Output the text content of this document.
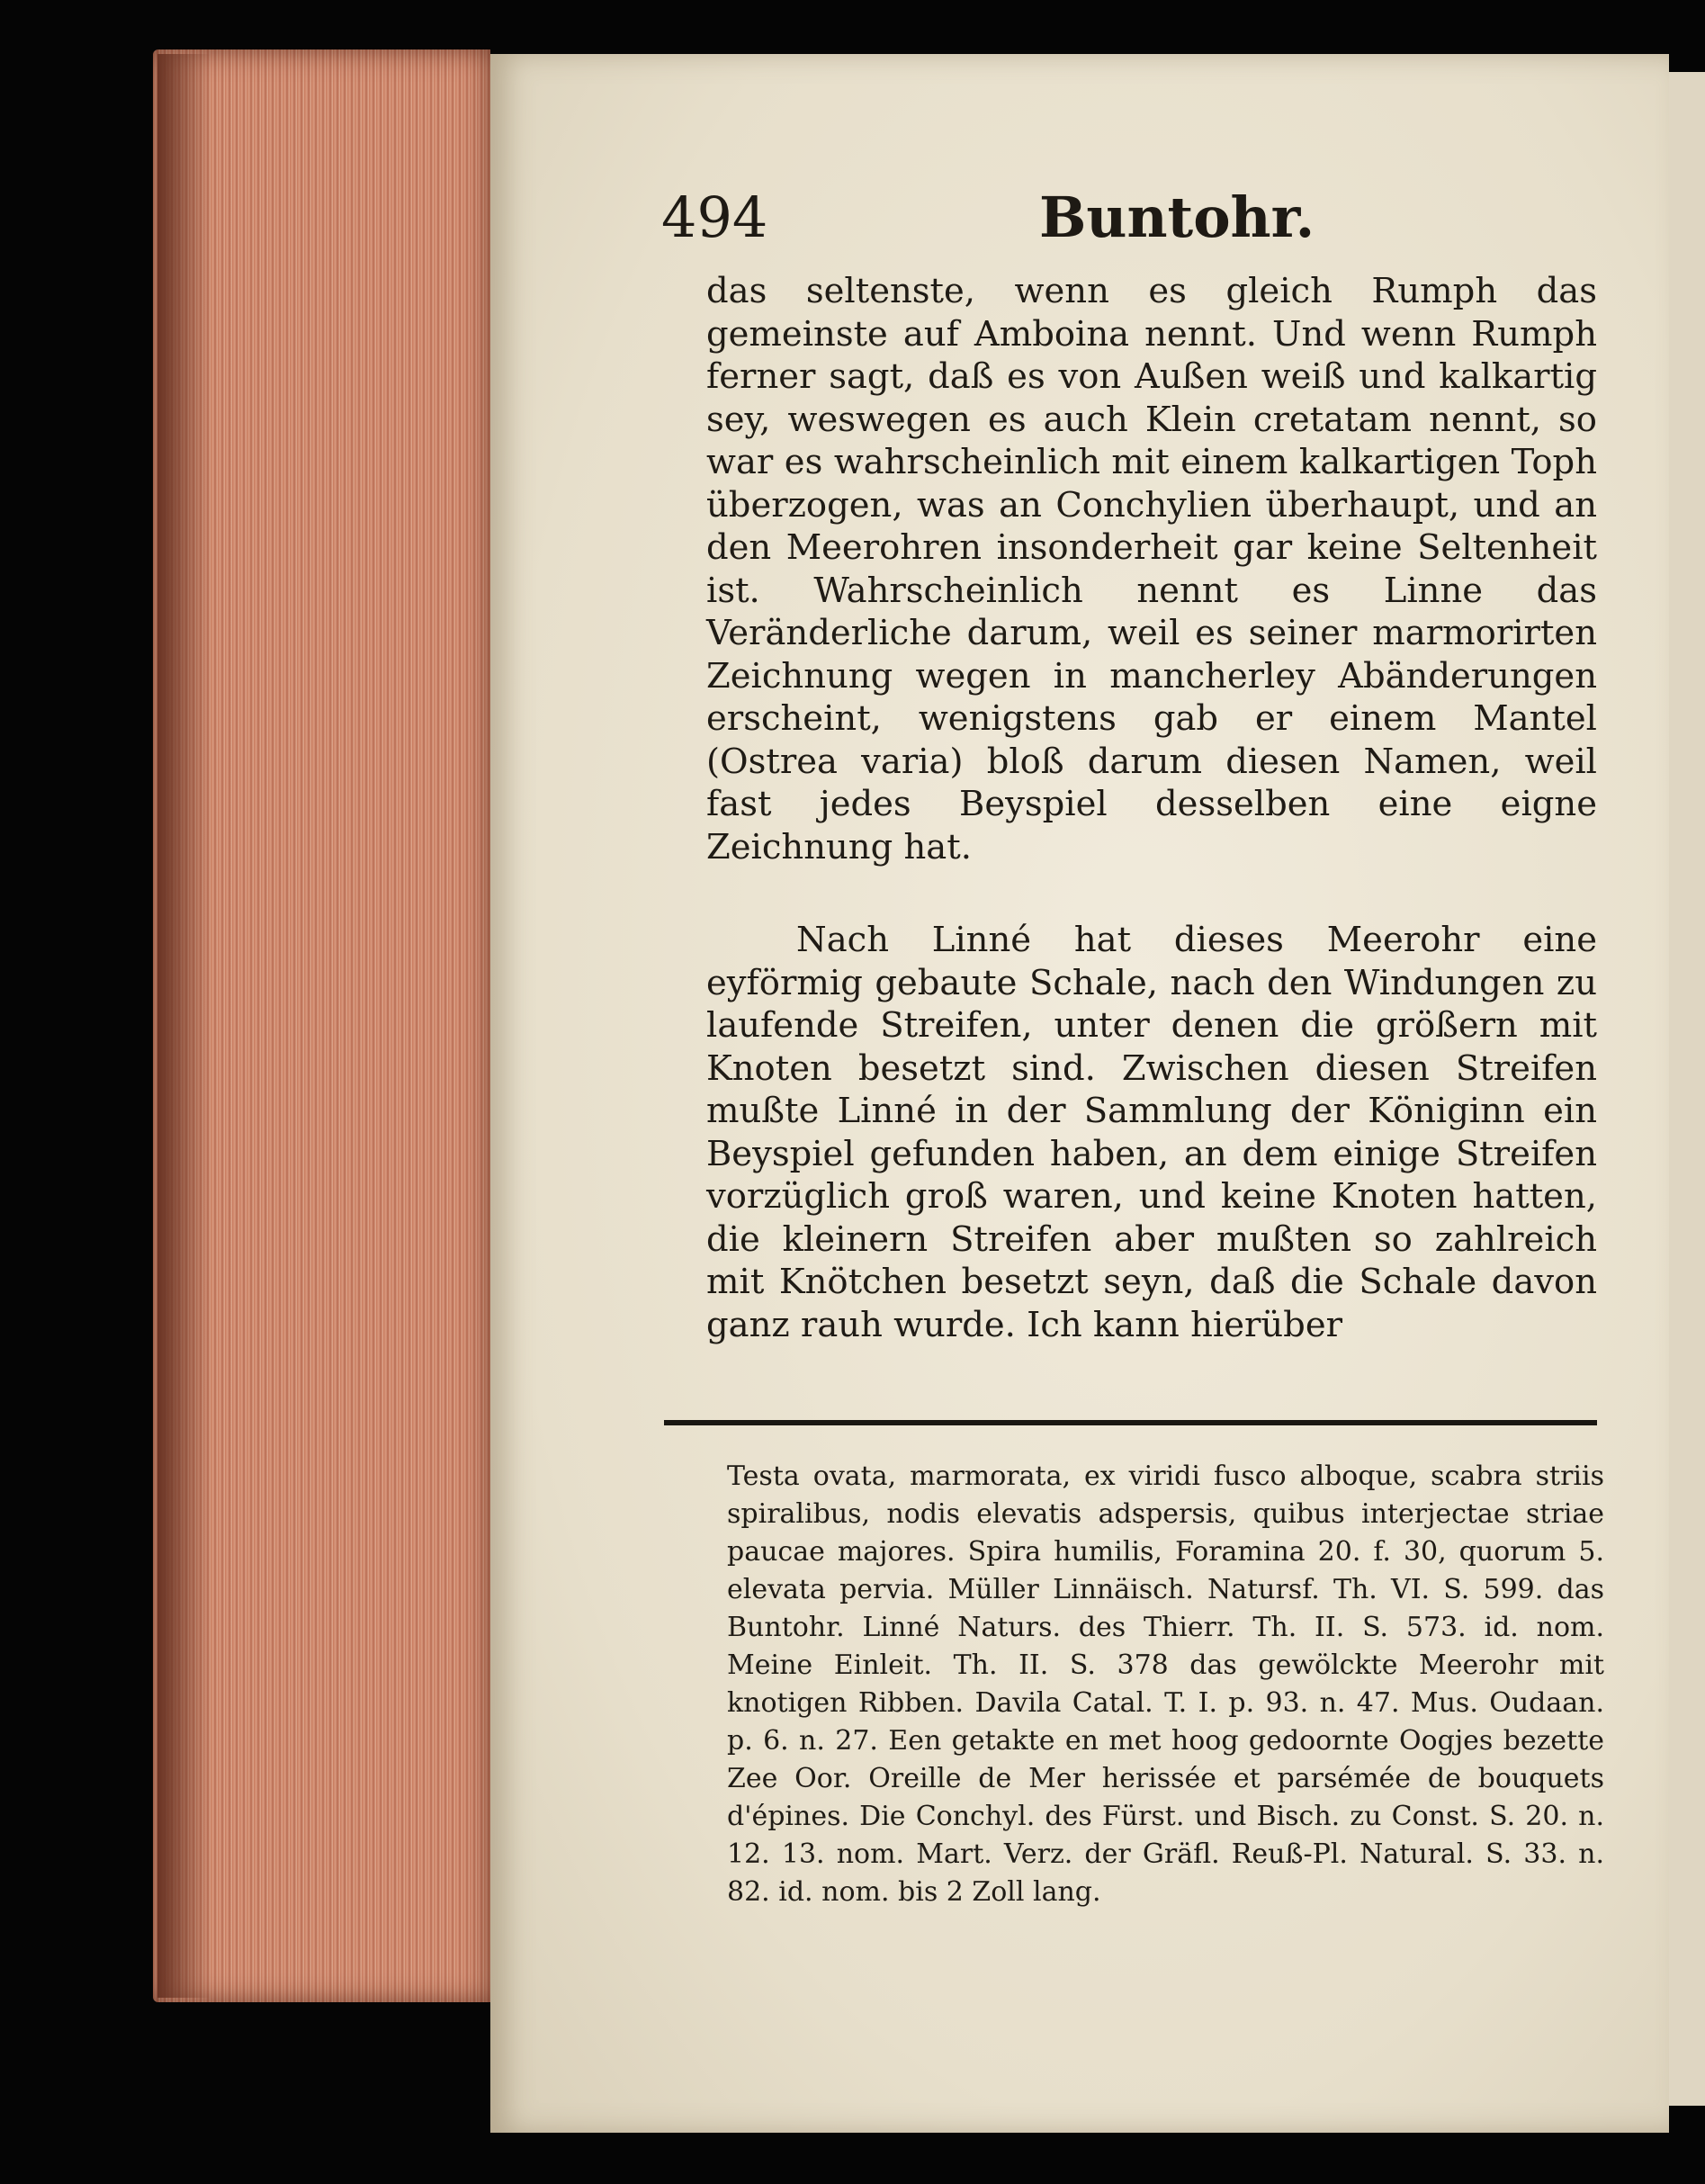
494	Buntohr.

das seltenste, wenn es gleich Rumph das gemeinste auf Amboina nennt. Und wenn Rumph ferner sagt, daß es von Außen weiß und kalkartig sey, weswegen es auch Klein cretatam nennt, so war es wahrscheinlich mit einem kalkartigen Toph überzogen, was an Conchylien überhaupt, und an den Meerohren insonderheit gar keine Seltenheit ist. Wahrscheinlich nennt es Linne das Veränderliche darum, weil es seiner marmorirten Zeichnung wegen in mancherley Abänderungen erscheint, wenigstens gab er einem Mantel (Ostrea varia) bloß darum diesen Namen, weil fast jedes Beyspiel desselben eine eigne Zeichnung hat.

Nach Linné hat dieses Meerohr eine eyförmig gebaute Schale, nach den Windungen zu laufende Streifen, unter denen die größern mit Knoten besetzt sind. Zwischen diesen Streifen mußte Linné in der Sammlung der Königinn ein Beyspiel gefunden haben, an dem einige Streifen vorzüglich groß waren, und keine Knoten hatten, die kleinern Streifen aber mußten so zahlreich mit Knötchen besetzt seyn, daß die Schale davon ganz rauh wurde. Ich kann hierüber

Testa ovata, marmorata, ex viridi fusco alboque, scabra striis spiralibus, nodis elevatis adspersis, quibus interjectae striae paucae majores. Spira humilis, Foramina 20. f. 30, quorum 5. elevata pervia. Müller Linnäisch. Natursf. Th. VI. S. 599. das Buntohr. Linné Naturs. des Thierr. Th. II. S. 573. id. nom. Meine Einleit. Th. II. S. 378 das gewölckte Meerohr mit knotigen Ribben. Davila Catal. T. I. p. 93. n. 47. Mus. Oudaan. p. 6. n. 27. Een getakte en met hoog gedoornte Oogjes bezette Zee Oor. Oreille de Mer herissée et parsémée de bouquets d'épines. Die Conchyl. des Fürst. und Bisch. zu Const. S. 20. n. 12. 13. nom. Mart. Verz. der Gräfl. Reuß-Pl. Natural. S. 33. n. 82. id. nom. bis 2 Zoll lang.
